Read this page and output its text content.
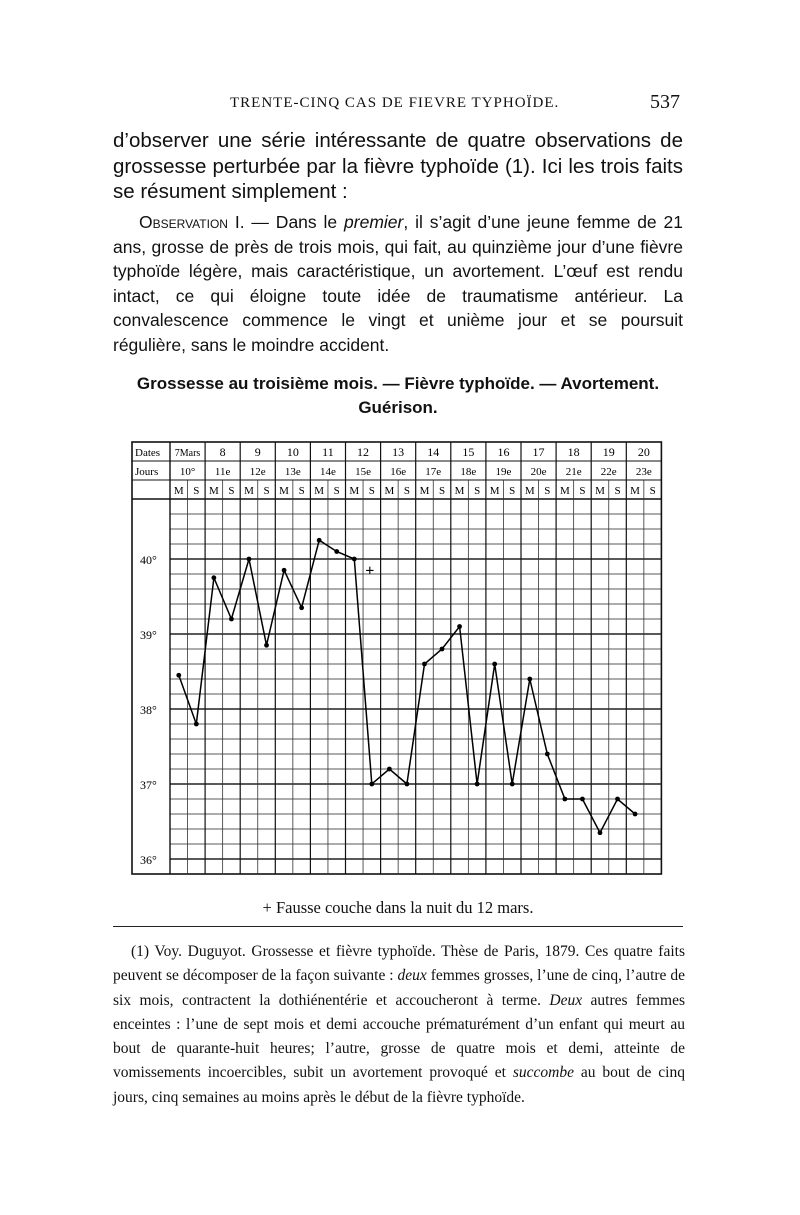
TRENTE-CINQ CAS DE FIEVRE TYPHOÏDE.	537
d’observer une série intéressante de quatre observations de grossesse perturbée par la fièvre typhoïde (1). Ici les trois faits se résument simplement :
Observation I. — Dans le premier, il s’agit d’une jeune femme de 21 ans, grosse de près de trois mois, qui fait, au quinzième jour d’une fièvre typhoïde légère, mais caractéristique, un avortement. L’œuf est rendu intact, ce qui éloigne toute idée de traumatisme antérieur. La convalescence commence le vingt et unième jour et se poursuit régulière, sans le moindre accident.
Grossesse au troisième mois. — Fièvre typhoïde. — Avortement.
Guérison.
Dates
Jours
7Mars 8 9 10 11 12 13 14 15 16 17 18 19 20
10° 11e 12e 13e 14e 15e 16e 17e 18e 19e 20e 21e 22e 23e
M S M S M S M S M S M S M S M S M S M S M S M S M S M S
40°
39°
38°
37°
36°
+
+ Fausse couche dans la nuit du 12 mars.
(1) Voy. Duguyot. Grossesse et fièvre typhoïde. Thèse de Paris, 1879. Ces quatre faits peuvent se décomposer de la façon suivante : deux femmes grosses, l’une de cinq, l’autre de six mois, contractent la dothiénentérie et accoucheront à terme. Deux autres femmes enceintes : l’une de sept mois et demi accouche prématurément d’un enfant qui meurt au bout de quarante-huit heures; l’autre, grosse de quatre mois et demi, atteinte de vomissements incoercibles, subit un avortement provoqué et succombe au bout de cinq jours, cinq semaines au moins après le début de la fièvre typhoïde.
